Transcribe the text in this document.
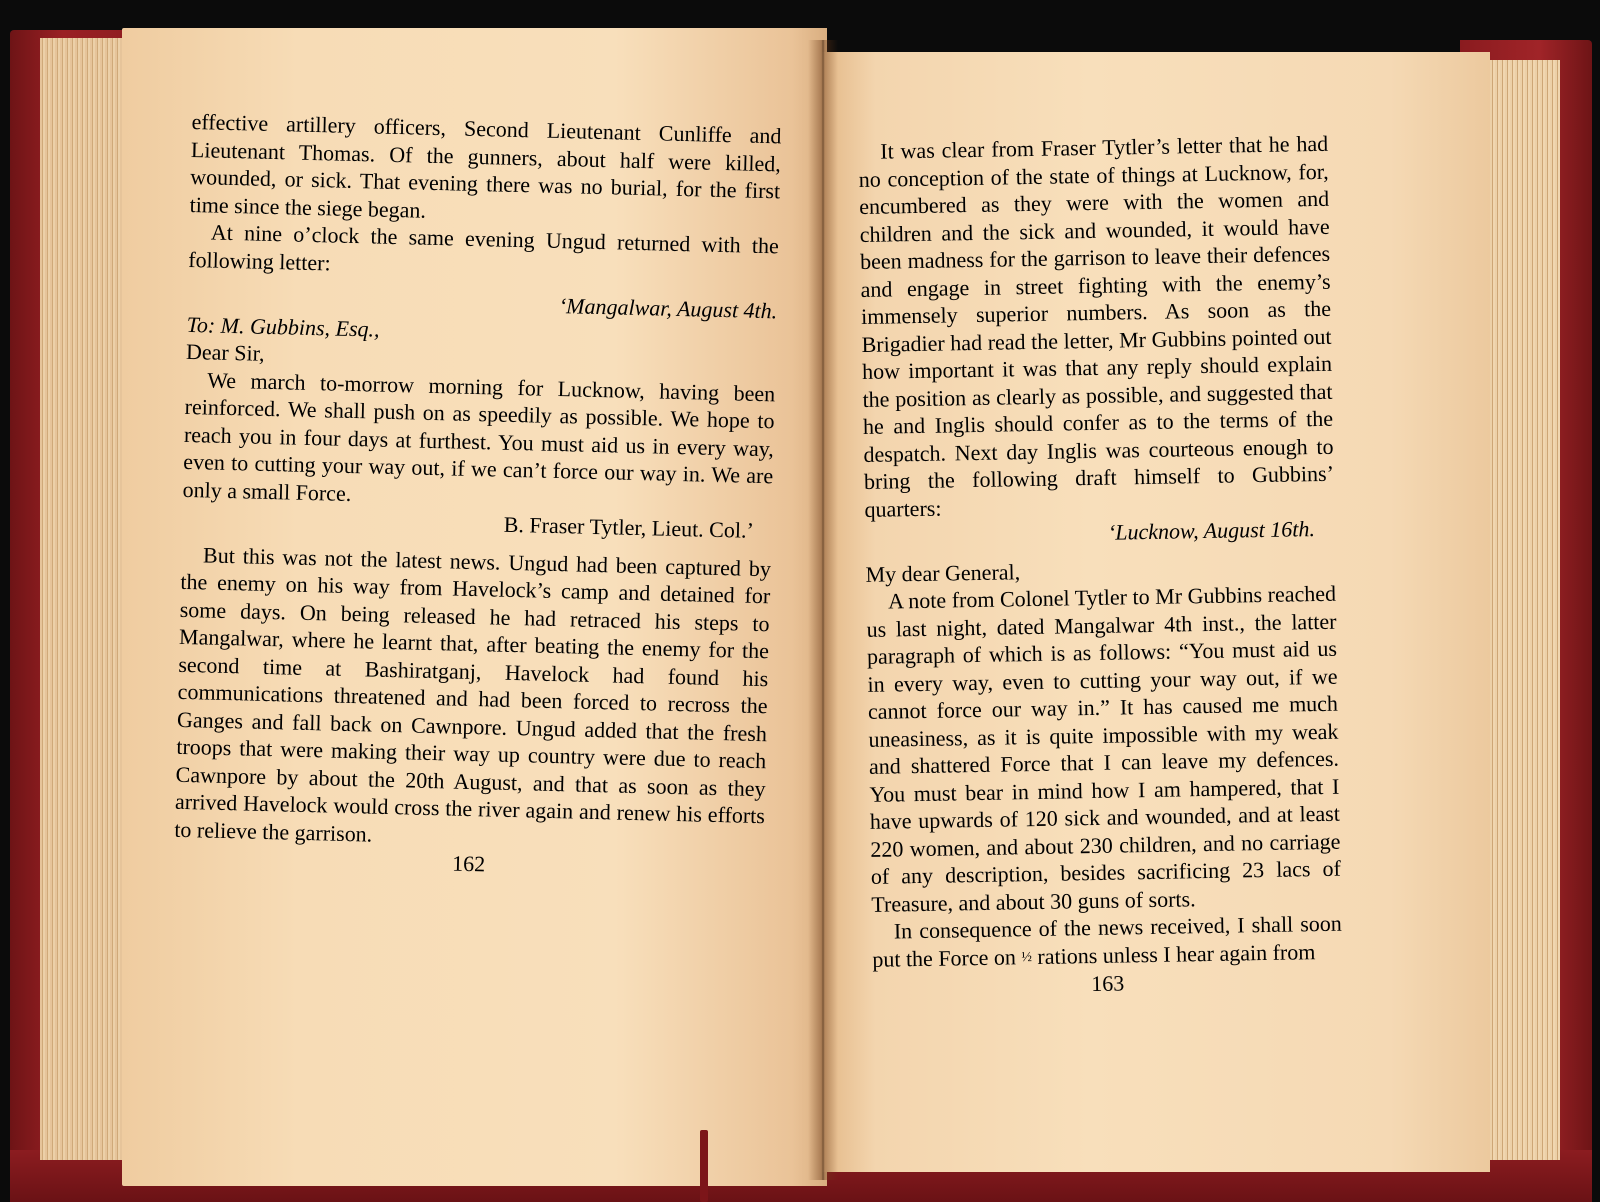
effective artillery officers, Second Lieutenant Cunliffe and Lieutenant Thomas. Of the gunners, about half were killed, wounded, or sick. That evening there was no burial, for the first time since the siege began.

At nine o’clock the same evening Ungud returned with the following letter:

‘Mangalwar, August 4th.

To: M. Gubbins, Esq.,

Dear Sir,

We march to-morrow morning for Lucknow, having been reinforced. We shall push on as speedily as possible. We hope to reach you in four days at furthest. You must aid us in every way, even to cutting your way out, if we can’t force our way in. We are only a small Force.

B. Fraser Tytler, Lieut. Col.’

But this was not the latest news. Ungud had been captured by the enemy on his way from Havelock’s camp and detained for some days. On being released he had retraced his steps to Mangalwar, where he learnt that, after beating the enemy for the second time at Bashiratganj, Havelock had found his communications threatened and had been forced to recross the Ganges and fall back on Cawnpore. Ungud added that the fresh troops that were making their way up country were due to reach Cawnpore by about the 20th August, and that as soon as they arrived Havelock would cross the river again and renew his efforts to relieve the garrison.

162

It was clear from Fraser Tytler’s letter that he had no conception of the state of things at Lucknow, for, encumbered as they were with the women and children and the sick and wounded, it would have been madness for the garrison to leave their defences and engage in street fighting with the enemy’s immensely superior numbers. As soon as the Brigadier had read the letter, Mr Gubbins pointed out how important it was that any reply should explain the position as clearly as possible, and suggested that he and Inglis should confer as to the terms of the despatch. Next day Inglis was courteous enough to bring the following draft himself to Gubbins’ quarters:

‘Lucknow, August 16th.

My dear General,

A note from Colonel Tytler to Mr Gubbins reached us last night, dated Mangalwar 4th inst., the latter paragraph of which is as follows: “You must aid us in every way, even to cutting your way out, if we cannot force our way in.” It has caused me much uneasiness, as it is quite impossible with my weak and shattered Force that I can leave my defences. You must bear in mind how I am hampered, that I have upwards of 120 sick and wounded, and at least 220 women, and about 230 children, and no carriage of any description, besides sacrificing 23 lacs of Treasure, and about 30 guns of sorts.

In consequence of the news received, I shall soon put the Force on ½ rations unless I hear again from

163
